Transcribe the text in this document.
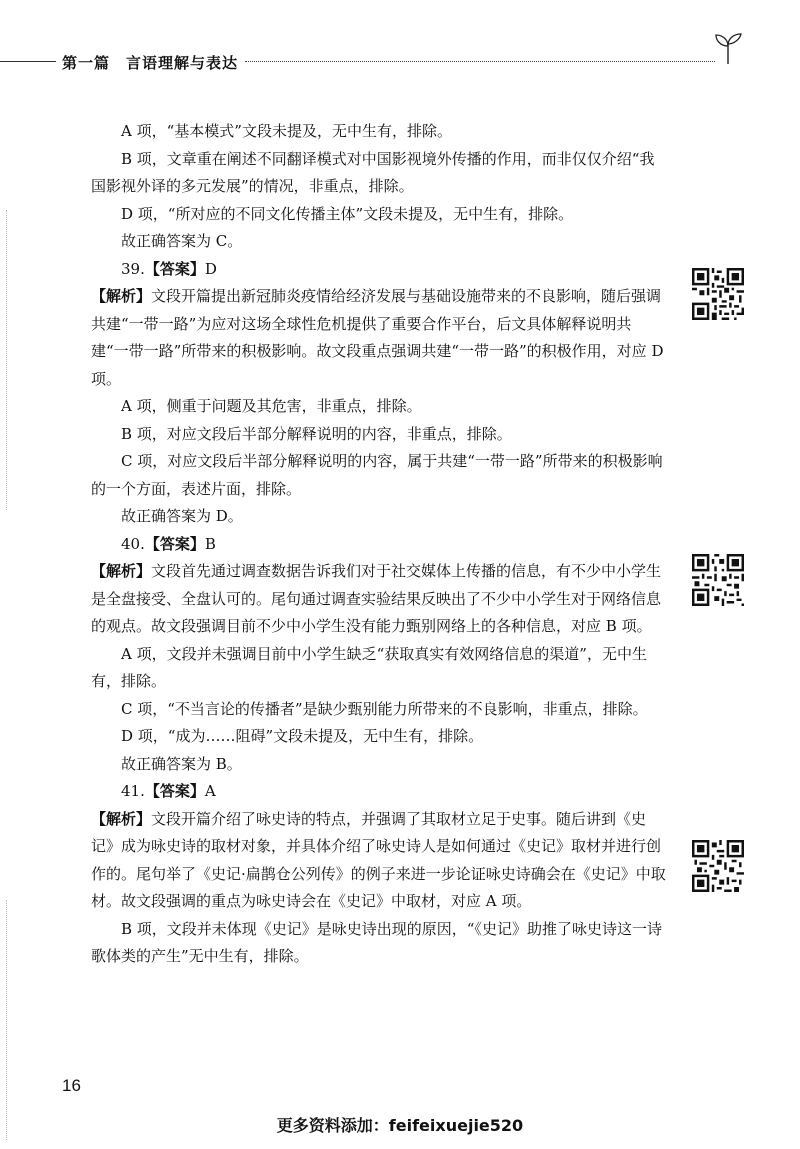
第一篇　言语理解与表达

A 项，“基本模式”文段未提及，无中生有，排除。

B 项，文章重在阐述不同翻译模式对中国影视境外传播的作用，而非仅仅介绍“我国影视外译的多元发展”的情况，非重点，排除。

D 项，“所对应的不同文化传播主体”文段未提及，无中生有，排除。

故正确答案为 C。

39.【答案】D

【解析】文段开篇提出新冠肺炎疫情给经济发展与基础设施带来的不良影响，随后强调共建“一带一路”为应对这场全球性危机提供了重要合作平台，后文具体解释说明共建“一带一路”所带来的积极影响。故文段重点强调共建“一带一路”的积极作用，对应 D 项。

A 项，侧重于问题及其危害，非重点，排除。

B 项，对应文段后半部分解释说明的内容，非重点，排除。

C 项，对应文段后半部分解释说明的内容，属于共建“一带一路”所带来的积极影响的一个方面，表述片面，排除。

故正确答案为 D。

40.【答案】B

【解析】文段首先通过调查数据告诉我们对于社交媒体上传播的信息，有不少中小学生是全盘接受、全盘认可的。尾句通过调查实验结果反映出了不少中小学生对于网络信息的观点。故文段强调目前不少中小学生没有能力甄别网络上的各种信息，对应 B 项。

A 项，文段并未强调目前中小学生缺乏“获取真实有效网络信息的渠道”，无中生有，排除。

C 项，“不当言论的传播者”是缺少甄别能力所带来的不良影响，非重点，排除。

D 项，“成为……阻碍”文段未提及，无中生有，排除。

故正确答案为 B。

41.【答案】A

【解析】文段开篇介绍了咏史诗的特点，并强调了其取材立足于史事。随后讲到《史记》成为咏史诗的取材对象，并具体介绍了咏史诗人是如何通过《史记》取材并进行创作的。尾句举了《史记·扁鹊仓公列传》的例子来进一步论证咏史诗确会在《史记》中取材。故文段强调的重点为咏史诗会在《史记》中取材，对应 A 项。

B 项，文段并未体现《史记》是咏史诗出现的原因，“《史记》助推了咏史诗这一诗歌体类的产生”无中生有，排除。

16
更多资料添加：feifeixuejie520
